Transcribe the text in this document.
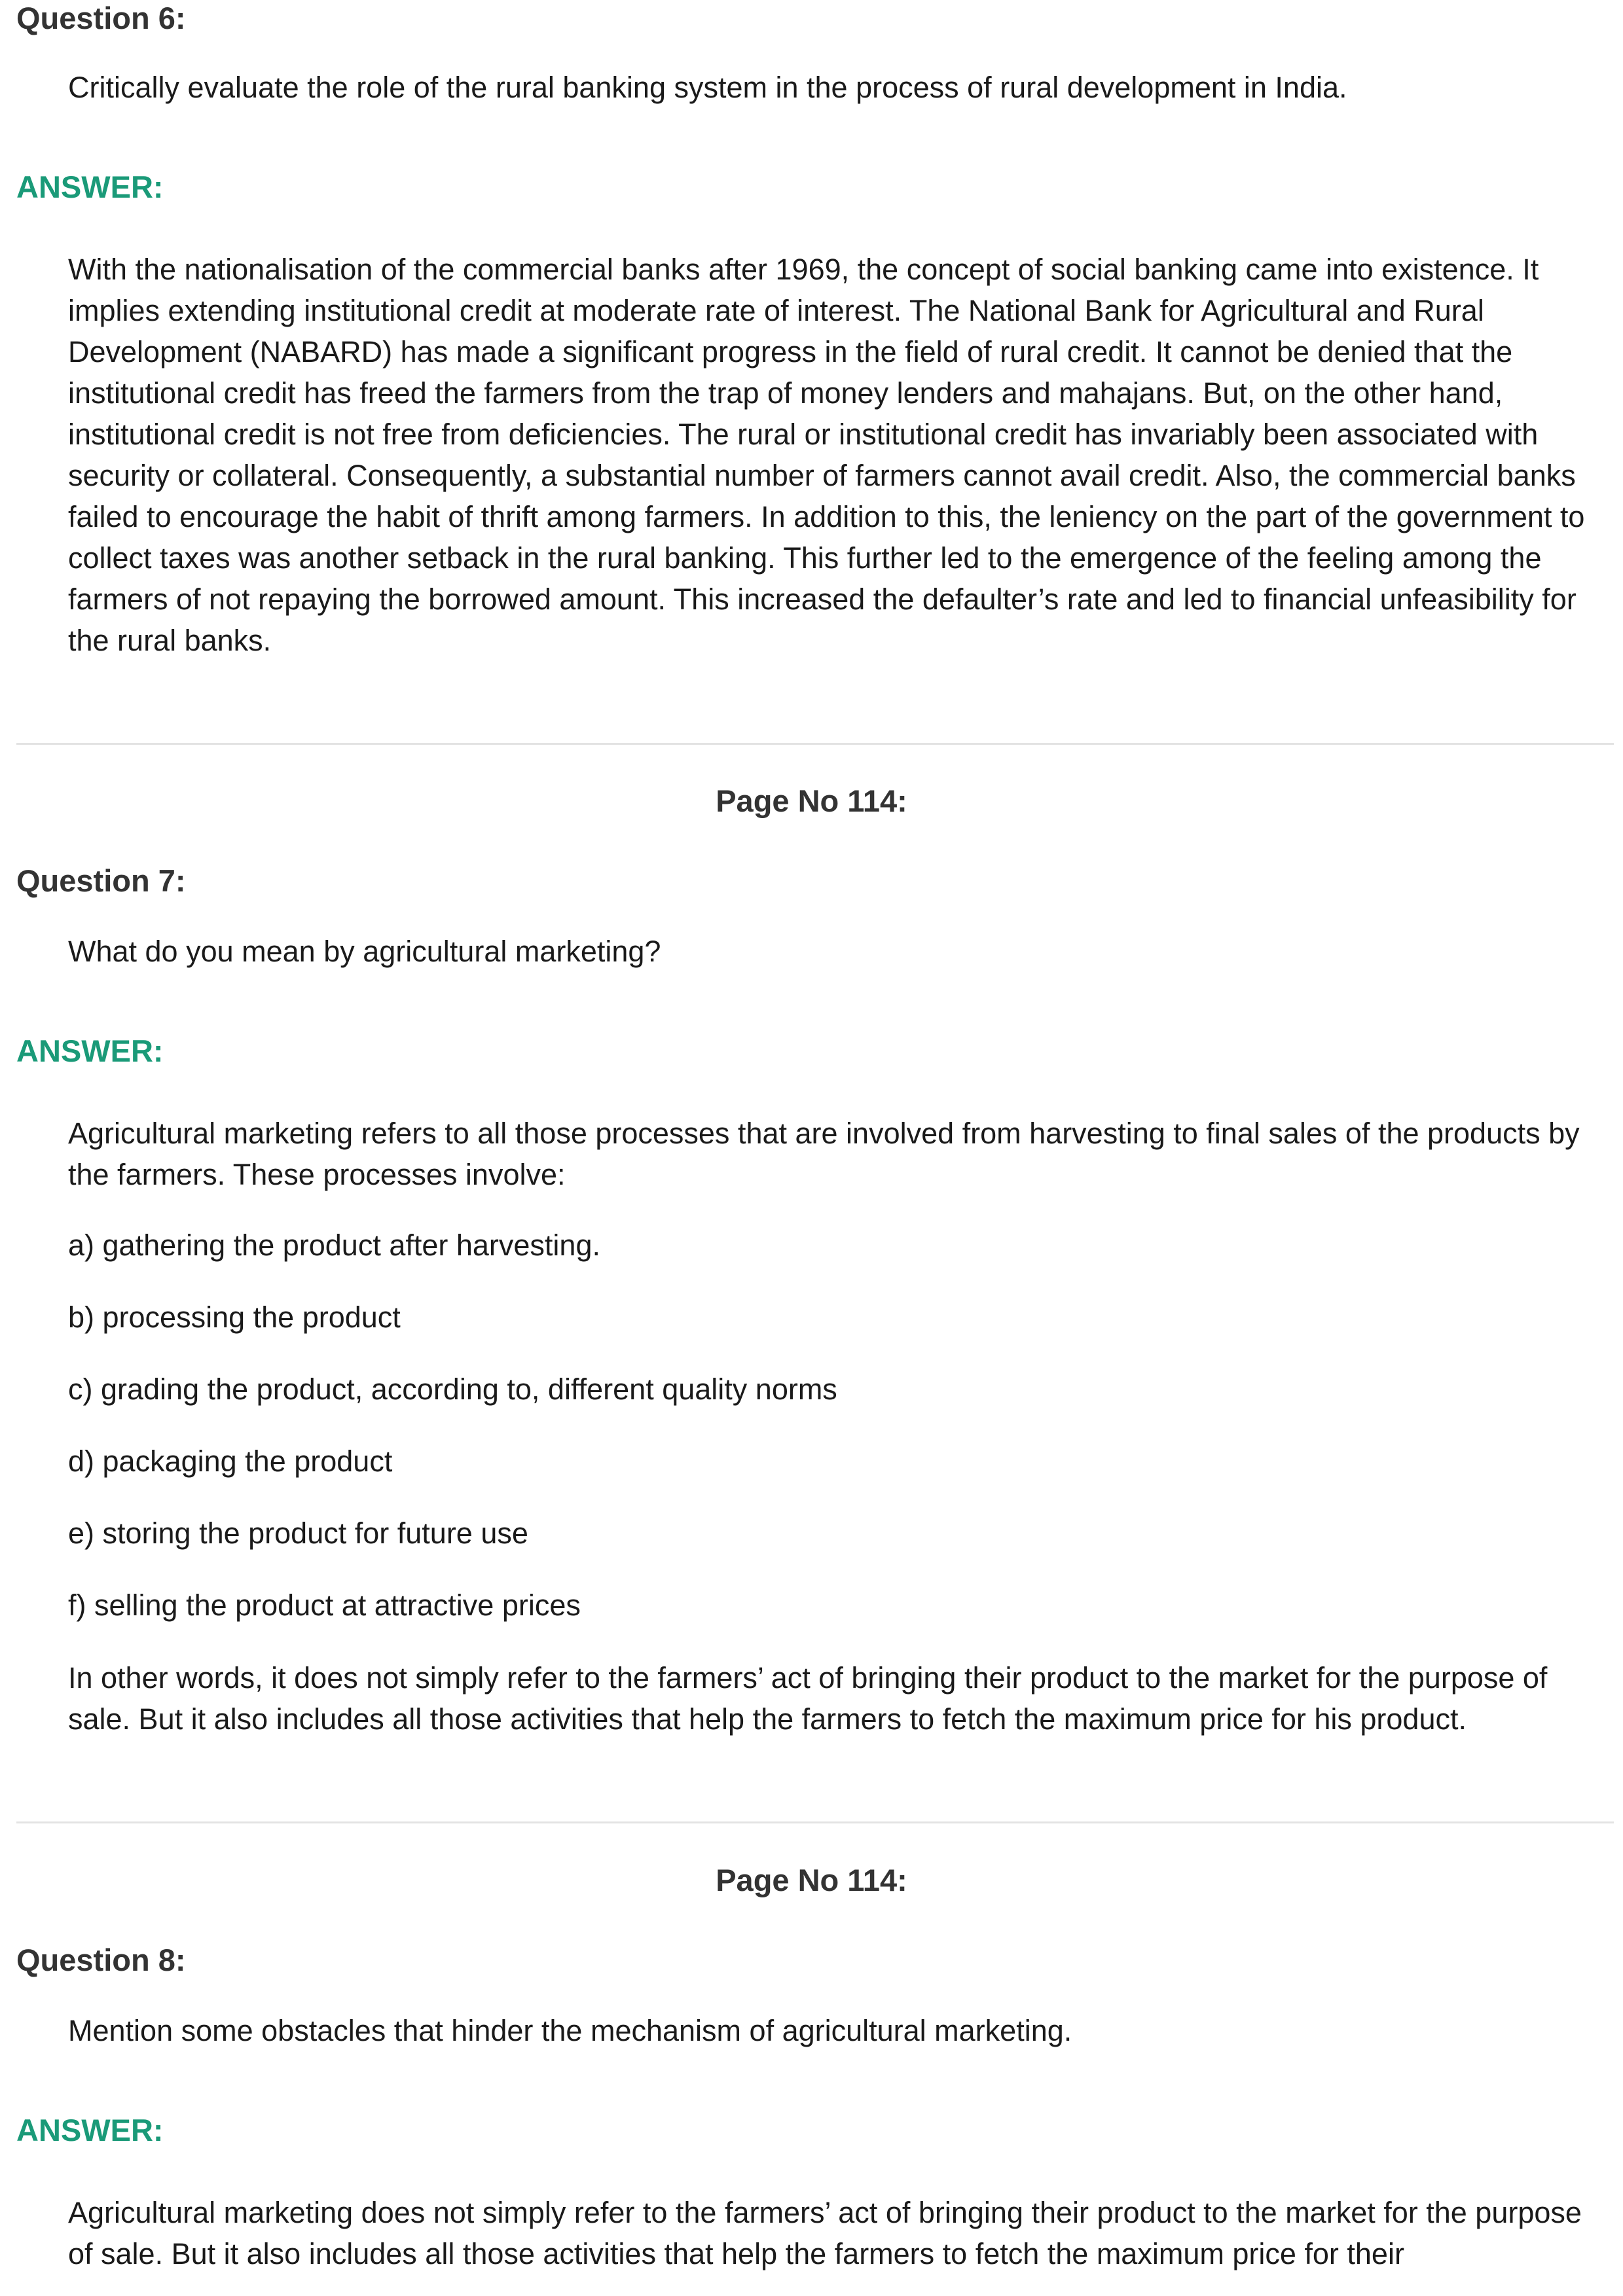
Question 6:

Critically evaluate the role of the rural banking system in the process of rural development in India.

ANSWER:

With the nationalisation of the commercial banks after 1969, the concept of social banking came into existence. It implies extending institutional credit at moderate rate of interest. The National Bank for Agricultural and Rural Development (NABARD) has made a significant progress in the field of rural credit. It cannot be denied that the institutional credit has freed the farmers from the trap of money lenders and mahajans. But, on the other hand, institutional credit is not free from deficiencies. The rural or institutional credit has invariably been associated with security or collateral. Consequently, a substantial number of farmers cannot avail credit. Also, the commercial banks failed to encourage the habit of thrift among farmers. In addition to this, the leniency on the part of the government to collect taxes was another setback in the rural banking. This further led to the emergence of the feeling among the farmers of not repaying the borrowed amount. This increased the defaulter’s rate and led to financial unfeasibility for the rural banks.

Page No 114:
Question 7:

What do you mean by agricultural marketing?

ANSWER:

Agricultural marketing refers to all those processes that are involved from harvesting to final sales of the products by the farmers. These processes involve:

a) gathering the product after harvesting.

b) processing the product

c) grading the product, according to, different quality norms

d) packaging the product

e) storing the product for future use

f) selling the product at attractive prices

In other words, it does not simply refer to the farmers’ act of bringing their product to the market for the purpose of sale. But it also includes all those activities that help the farmers to fetch the maximum price for his product.

Page No 114:
Question 8:

Mention some obstacles that hinder the mechanism of agricultural marketing.

ANSWER:

Agricultural marketing does not simply refer to the farmers’ act of bringing their product to the market for the purpose of sale. But it also includes all those activities that help the farmers to fetch the maximum price for their
